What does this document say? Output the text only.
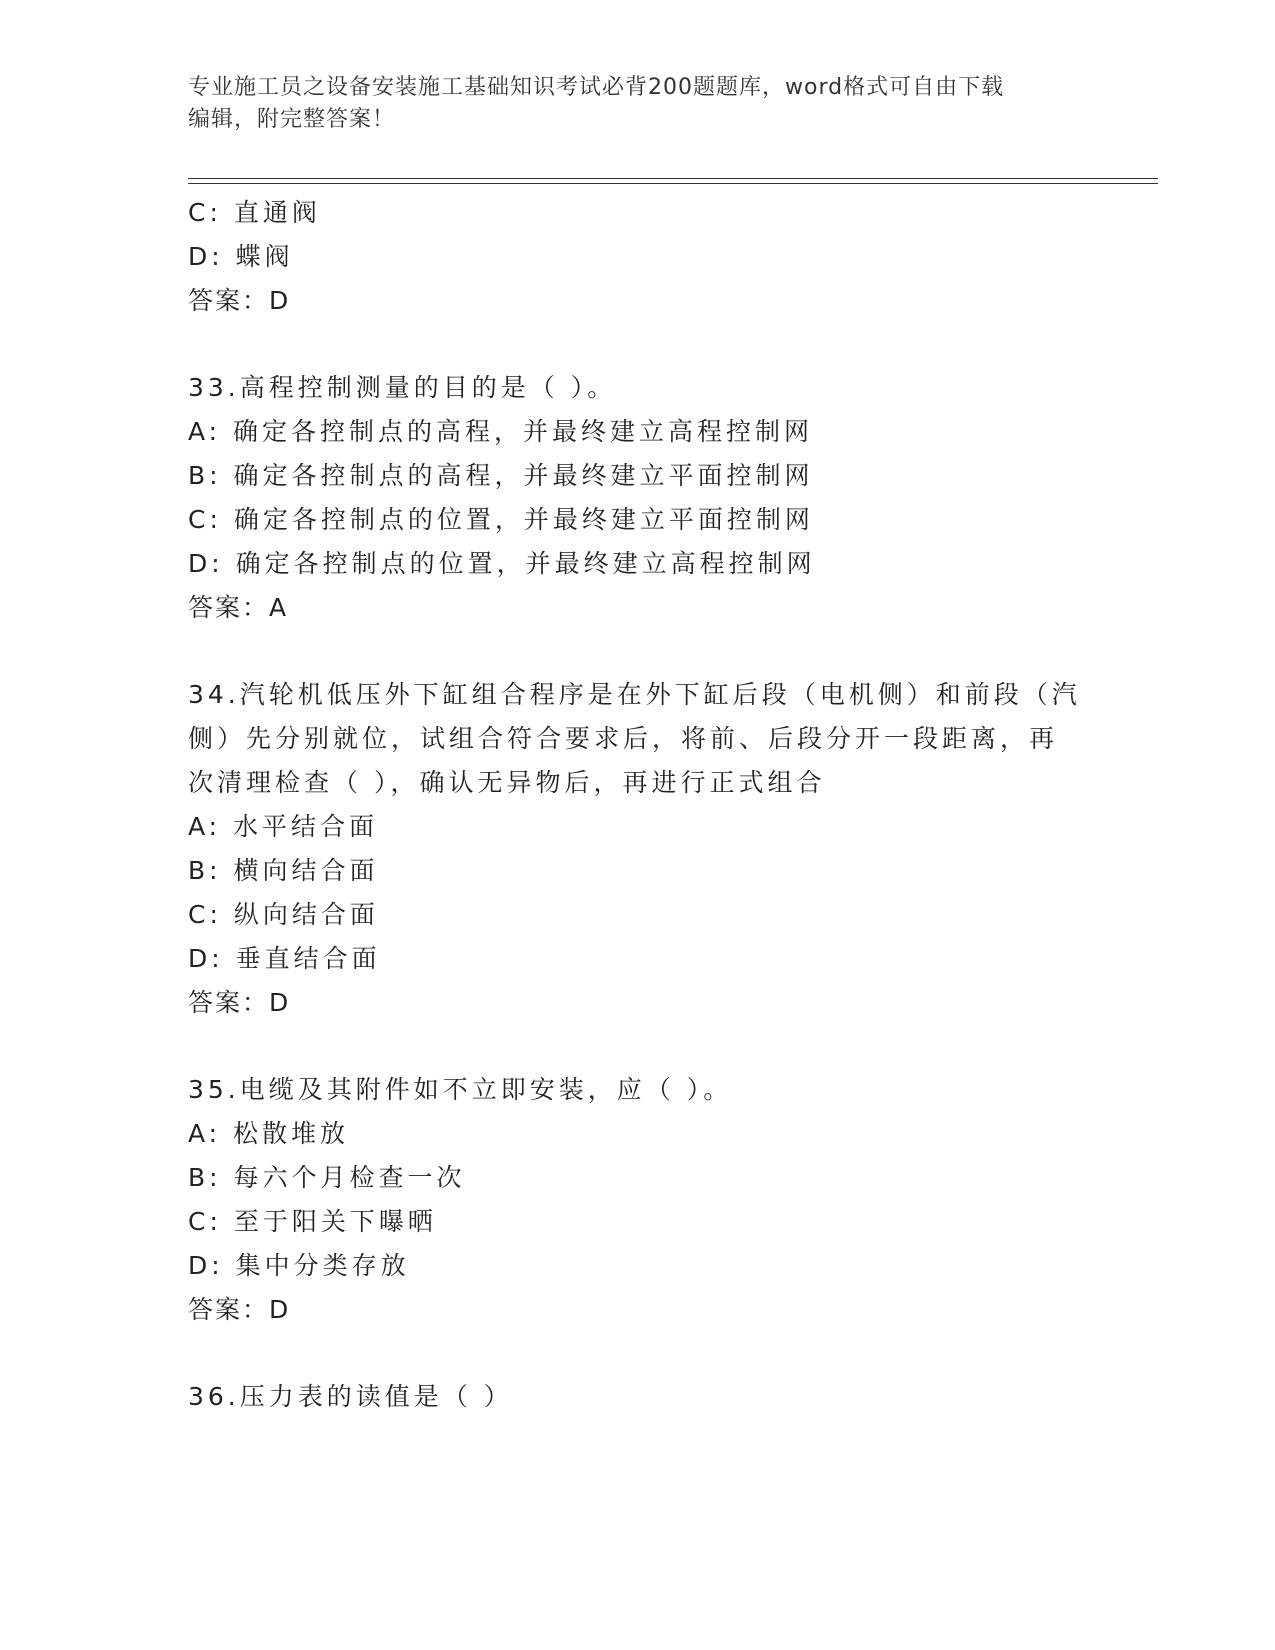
专业施工员之设备安装施工基础知识考试必背200题题库，word格式可自由下载
编辑，附完整答案！
C: 直通阀
D: 蝶阀
答案：D
33.高程控制测量的目的是（ ）。
A: 确定各控制点的高程，并最终建立高程控制网
B: 确定各控制点的高程，并最终建立平面控制网
C: 确定各控制点的位置，并最终建立平面控制网
D: 确定各控制点的位置，并最终建立高程控制网
答案：A
34.汽轮机低压外下缸组合程序是在外下缸后段（电机侧）和前段（汽
侧）先分别就位，试组合符合要求后，将前、后段分开一段距离，再
次清理检查（ ），确认无异物后，再进行正式组合
A: 水平结合面
B: 横向结合面
C: 纵向结合面
D: 垂直结合面
答案：D
35.电缆及其附件如不立即安装，应（ ）。
A: 松散堆放
B: 每六个月检查一次
C: 至于阳关下曝晒
D: 集中分类存放
答案：D
36.压力表的读值是（ ）
